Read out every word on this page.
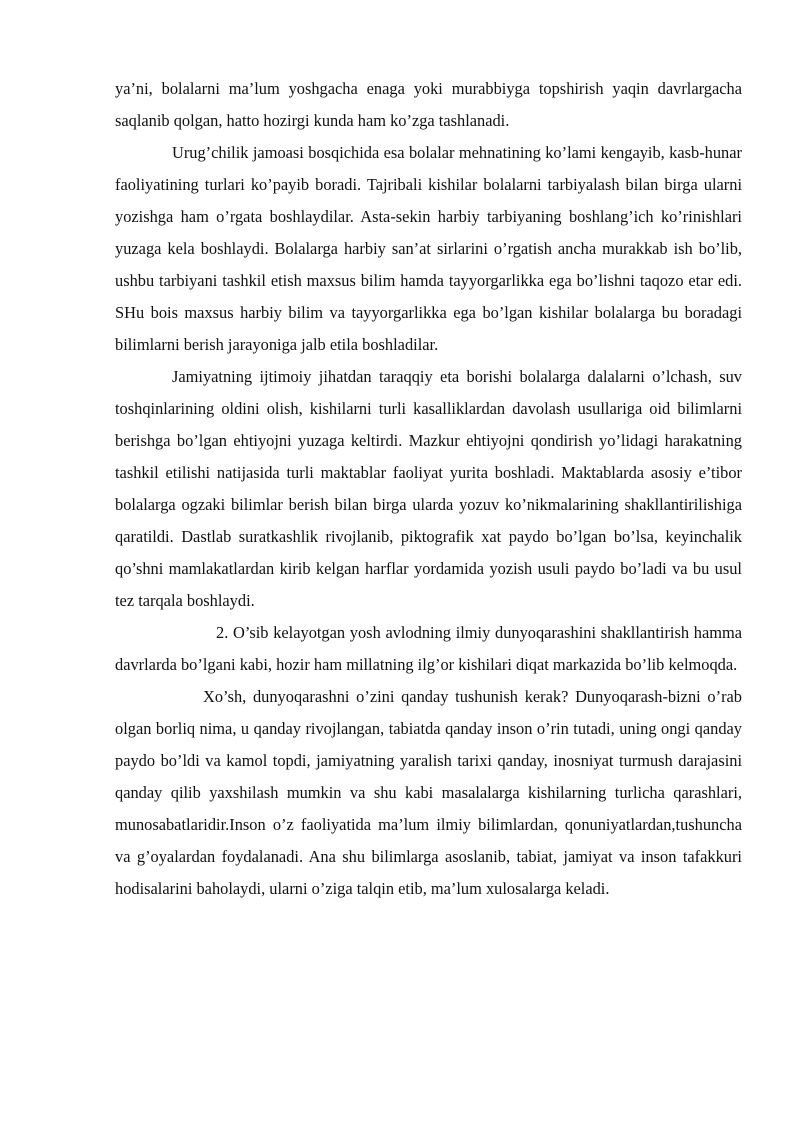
ya’ni, bolalarni ma’lum yoshgacha enaga yoki murabbiyga topshirish yaqin davrlargacha saqlanib qolgan, hatto hozirgi kunda ham ko’zga tashlanadi.

Urug’chilik jamoasi bosqichida esa bolalar mehnatining ko’lami kengayib, kasb-hunar faoliyatining turlari ko’payib boradi. Tajribali kishilar bolalarni tarbiyalash bilan birga ularni yozishga ham o’rgata boshlaydilar. Asta-sekin harbiy tarbiyaning boshlang’ich ko’rinishlari yuzaga kela boshlaydi. Bolalarga harbiy san’at sirlarini o’rgatish ancha murakkab ish bo’lib, ushbu tarbiyani tashkil etish maxsus bilim hamda tayyorgarlikka ega bo’lishni taqozo etar edi. SHu bois maxsus harbiy bilim va tayyorgarlikka ega bo’lgan kishilar bolalarga bu boradagi bilimlarni berish jarayoniga jalb etila boshladilar.

Jamiyatning ijtimoiy jihatdan taraqqiy eta borishi bolalarga dalalarni o’lchash, suv toshqinlarining oldini olish, kishilarni turli kasalliklardan davolash usullariga oid bilimlarni berishga bo’lgan ehtiyojni yuzaga keltirdi. Mazkur ehtiyojni qondirish yo’lidagi harakatning tashkil etilishi natijasida turli maktablar faoliyat yurita boshladi. Maktablarda asosiy e’tibor bolalarga ogzaki bilimlar berish bilan birga ularda yozuv ko’nikmalarining shakllantirilishiga qaratildi. Dastlab suratkashlik rivojlanib, piktografik xat paydo bo’lgan bo’lsa, keyinchalik qo’shni mamlakatlardan kirib kelgan harflar yordamida yozish usuli paydo bo’ladi va bu usul tez tarqala boshlaydi.

2. O’sib kelayotgan yosh avlodning ilmiy dunyoqarashini shakllantirish hamma davrlarda bo’lgani kabi, hozir ham millatning ilg’or kishilari diqat markazida bo’lib kelmoqda.

Xo’sh, dunyoqarashni o’zini qanday tushunish kerak? Dunyoqarash-bizni o’rab olgan borliq nima, u qanday rivojlangan, tabiatda qanday inson o’rin tutadi, uning ongi qanday paydo bo’ldi va kamol topdi, jamiyatning yaralish tarixi qanday, inosniyat turmush darajasini qanday qilib yaxshilash mumkin va shu kabi masalalarga kishilarning turlicha qarashlari, munosabatlaridir.Inson o’z faoliyatida ma’lum ilmiy bilimlardan, qonuniyatlardan,tushuncha va g’oyalardan foydalanadi. Ana shu bilimlarga asoslanib, tabiat, jamiyat va inson tafakkuri hodisalarini baholaydi, ularni o’ziga talqin etib, ma’lum xulosalarga keladi.
